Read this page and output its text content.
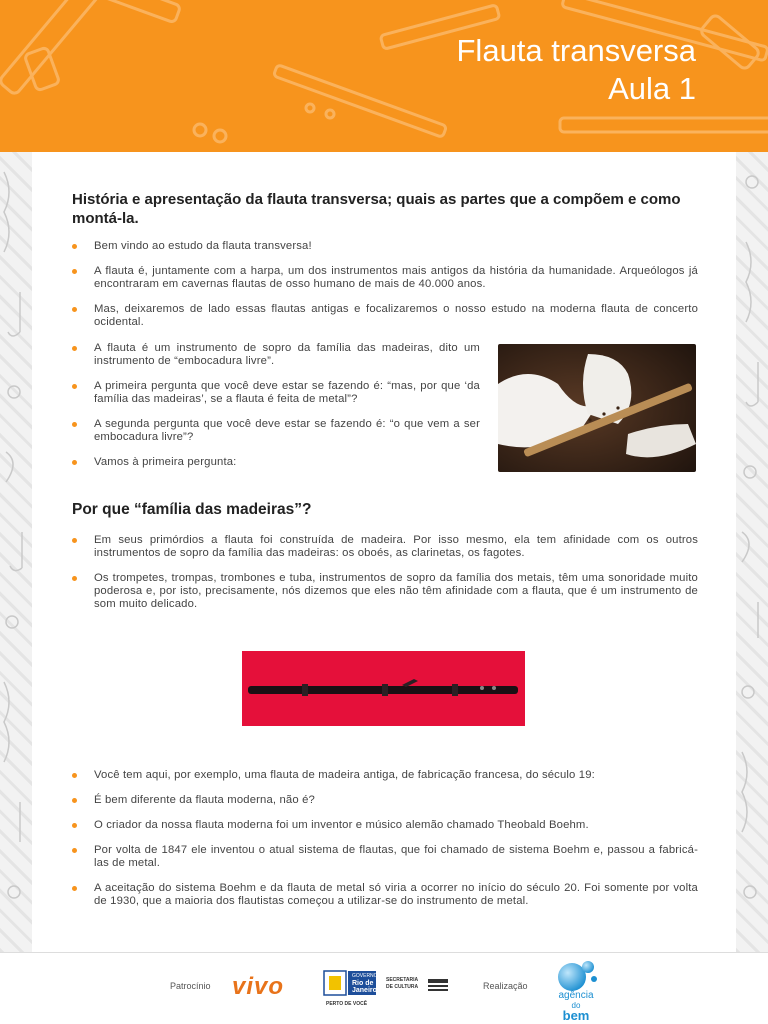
Flauta transversa
Aula 1
História e apresentação da flauta transversa; quais as partes que a compõem e como montá-la.
Bem vindo ao estudo da flauta transversa!
A flauta é, juntamente com a harpa, um dos instrumentos mais antigos da história da humanidade. Arqueólogos já encontraram em cavernas flautas de osso humano de mais de 40.000 anos.
Mas, deixaremos de lado essas flautas antigas e focalizaremos o nosso estudo na moderna flauta de concerto ocidental.
A flauta é um instrumento de sopro da família das madeiras, dito um instrumento de “embocadura livre”.
A primeira pergunta que você deve estar se fazendo é: “mas, por que ‘da família das madeiras’, se a flauta é feita de metal”?
A segunda pergunta que você deve estar se fazendo é: “o que vem a ser embocadura livre”?
Vamos à primeira pergunta:
Por que “família das madeiras”?
Em seus primórdios a flauta foi construída de madeira. Por isso mesmo, ela tem afinidade com os outros instrumentos de sopro da família das madeiras: os oboés, as clarinetas, os fagotes.
Os trompetes, trompas, trombones e tuba, instrumentos de sopro da família dos metais, têm uma sonoridade muito poderosa e, por isto, precisamente, nós dizemos que eles não têm afinidade com a flauta, que é um instrumento de som muito delicado.
Você tem aqui, por exemplo, uma flauta de madeira antiga, de fabricação francesa, do século 19:
É bem diferente da flauta moderna, não é?
O criador da nossa flauta moderna foi um inventor e músico alemão chamado Theobald Boehm.
Por volta de 1847 ele inventou o atual sistema de flautas, que foi chamado de sistema Boehm e, passou a fabricá-las de metal.
A aceitação do sistema Boehm e da flauta de metal só viria a ocorrer no início do século 20. Foi somente por volta de 1930, que a maioria dos flautistas começou a utilizar-se do instrumento de metal.
Patrocínio vivo	GOVERNO DO
Rio de
Janeiro
PERTO DE VOCÊ
SECRETARIA
DE CULTURA	Realização
agência
do
bem
